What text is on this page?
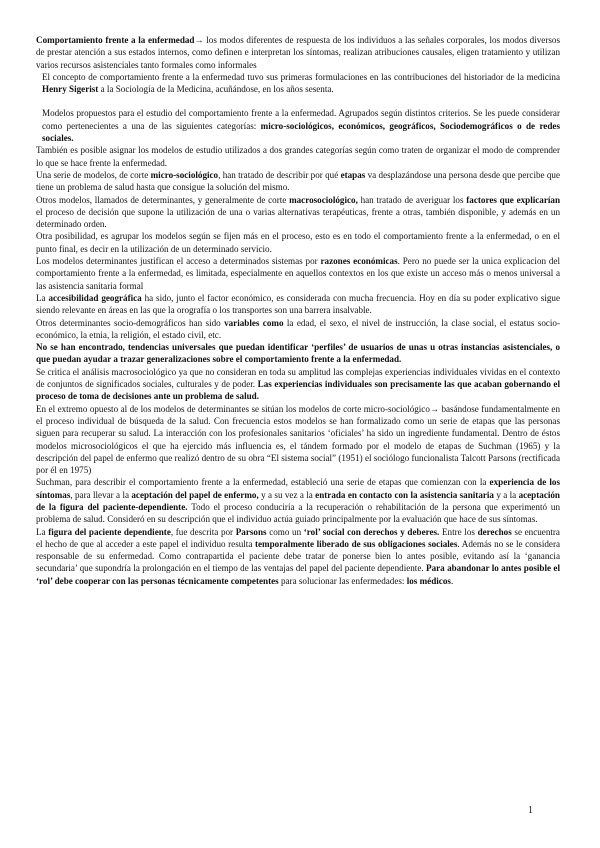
Comportamiento frente a la enfermedad→ los modos diferentes de respuesta de los individuos a las señales corporales, los modos diversos de prestar atención a sus estados internos, como definen e interpretan los síntomas, realizan atribuciones causales, eligen tratamiento y utilizan varios recursos asistenciales tanto formales como informales

El concepto de comportamiento frente a la enfermedad tuvo sus primeras formulaciones en las contribuciones del historiador de la medicina Henry Sigerist a la Sociología de la Medicina, acuñándose, en los años sesenta.

Modelos propuestos para el estudio del comportamiento frente a la enfermedad. Agrupados según distintos criterios. Se les puede considerar como pertenecientes a una de las siguientes categorías: micro-sociológicos, económicos, geográficos, Sociodemográficos o de redes sociales.

También es posible asignar los modelos de estudio utilizados a dos grandes categorías según como traten de organizar el modo de comprender lo que se hace frente la enfermedad.

Una serie de modelos, de corte micro-sociológico, han tratado de describir por qué etapas va desplazándose una persona desde que percibe que tiene un problema de salud hasta que consigue la solución del mismo.

Otros modelos, llamados de determinantes, y generalmente de corte macrosociológico, han tratado de averiguar los factores que explicarían el proceso de decisión que supone la utilización de una o varias alternativas terapéuticas, frente a otras, también disponible, y además en un determinado orden.

Otra posibilidad, es agrupar los modelos según se fijen más en el proceso, esto es en todo el comportamiento frente a la enfermedad, o en el punto final, es decir en la utilización de un determinado servicio.

Los modelos determinantes justifican el acceso a determinados sistemas por razones económicas. Pero no puede ser la unica explicacion del comportamiento frente a la enfermedad, es limitada, especialmente en aquellos contextos en los que existe un acceso más o menos universal a las asistencia sanitaria formal

La accesibilidad geográfica ha sido, junto el factor económico, es considerada con mucha frecuencia. Hoy en día su poder explicativo sigue siendo relevante en áreas en las que la orografía o los transportes son una barrera insalvable.

Otros determinantes socio-demográficos han sido variables como la edad, el sexo, el nivel de instrucción, la clase social, el estatus socio-económico, la etnia, la religión, el estado civil, etc.

No se han encontrado, tendencias universales que puedan identificar ‘perfiles’ de usuarios de unas u otras instancias asistenciales, o que puedan ayudar a trazar generalizaciones sobre el comportamiento frente a la enfermedad.

Se critica el análisis macrosociológico ya que no consideran en toda su amplitud las complejas experiencias individuales vividas en el contexto de conjuntos de significados sociales, culturales y de poder. Las experiencias individuales son precisamente las que acaban gobernando el proceso de toma de decisiones ante un problema de salud.

En el extremo opuesto al de los modelos de determinantes se sitúan los modelos de corte micro-sociológico→ basándose fundamentalmente en el proceso individual de búsqueda de la salud. Con frecuencia estos modelos se han formalizado como un serie de etapas que las personas siguen para recuperar su salud. La interacción con los profesionales sanitarios ‘oficiales’ ha sido un ingrediente fundamental. Dentro de éstos modelos microsociológicos el que ha ejercido más influencia es, el tándem formado por el modelo de etapas de Suchman (1965) y la descripción del papel de enfermo que realizó dentro de su obra “El sistema social” (1951) el sociólogo funcionalista Talcott Parsons (rectificada por él en 1975)

Suchman, para describir el comportamiento frente a la enfermedad, estableció una serie de etapas que comienzan con la experiencia de los síntomas, para llevar a la aceptación del papel de enfermo, y a su vez a la entrada en contacto con la asistencia sanitaria y a la aceptación de la figura del paciente-dependiente. Todo el proceso conduciría a la recuperación o rehabilitación de la persona que experimentó un problema de salud. Consideró en su descripción que el individuo actúa guiado principalmente por la evaluación que hace de sus síntomas.

La figura del paciente dependiente, fue descrita por Parsons como un ‘rol’ social con derechos y deberes. Entre los derechos se encuentra el hecho de que al acceder a este papel el individuo resulta temporalmente liberado de sus obligaciones sociales. Además no se le considera responsable de su enfermedad. Como contrapartida el paciente debe tratar de ponerse bien lo antes posible, evitando así la ‘ganancia secundaria’ que supondría la prolongación en el tiempo de las ventajas del papel del paciente dependiente. Para abandonar lo antes posible el ‘rol’ debe cooperar con las personas técnicamente competentes para solucionar las enfermedades: los médicos.

1
